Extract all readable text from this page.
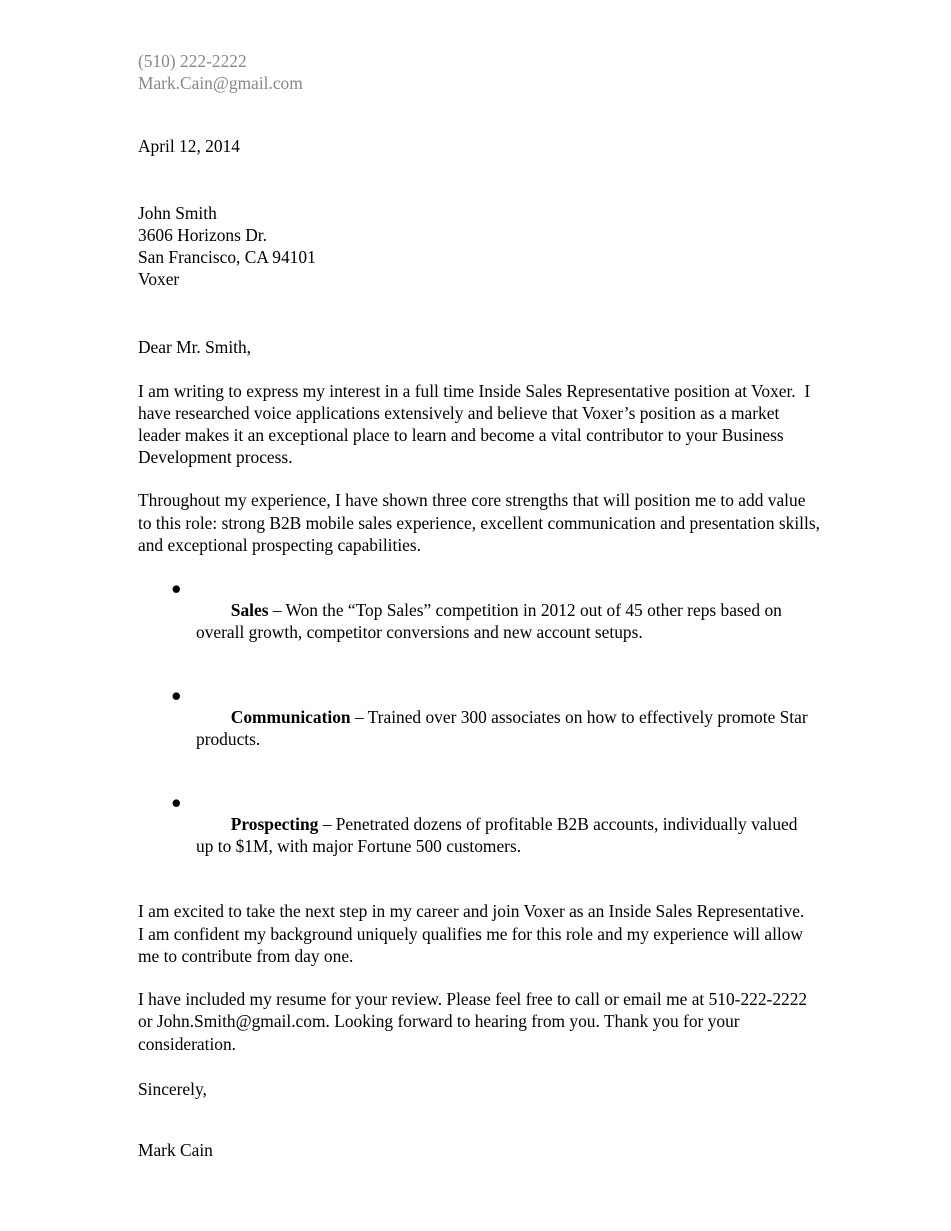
(510) 222-2222
Mark.Cain@gmail.com
April 12, 2014
John Smith
3606 Horizons Dr.
San Francisco, CA 94101
Voxer
Dear Mr. Smith,
I am writing to express my interest in a full time Inside Sales Representative position at Voxer.  I have researched voice applications extensively and believe that Voxer’s position as a market leader makes it an exceptional place to learn and become a vital contributor to your Business Development process.
Throughout my experience, I have shown three core strengths that will position me to add value to this role: strong B2B mobile sales experience, excellent communication and presentation skills, and exceptional prospecting capabilities.

●
Sales – Won the “Top Sales” competition in 2012 out of 45 other reps based on overall growth, competitor conversions and new account setups.

●
Communication – Trained over 300 associates on how to effectively promote Star products.

●
Prospecting – Penetrated dozens of profitable B2B accounts, individually valued up to $1M, with major Fortune 500 customers.

I am excited to take the next step in my career and join Voxer as an Inside Sales Representative.  I am confident my background uniquely qualifies me for this role and my experience will allow me to contribute from day one.
I have included my resume for your review. Please feel free to call or email me at 510-222-2222 or John.Smith@gmail.com. Looking forward to hearing from you. Thank you for your consideration.
Sincerely,
Mark Cain
